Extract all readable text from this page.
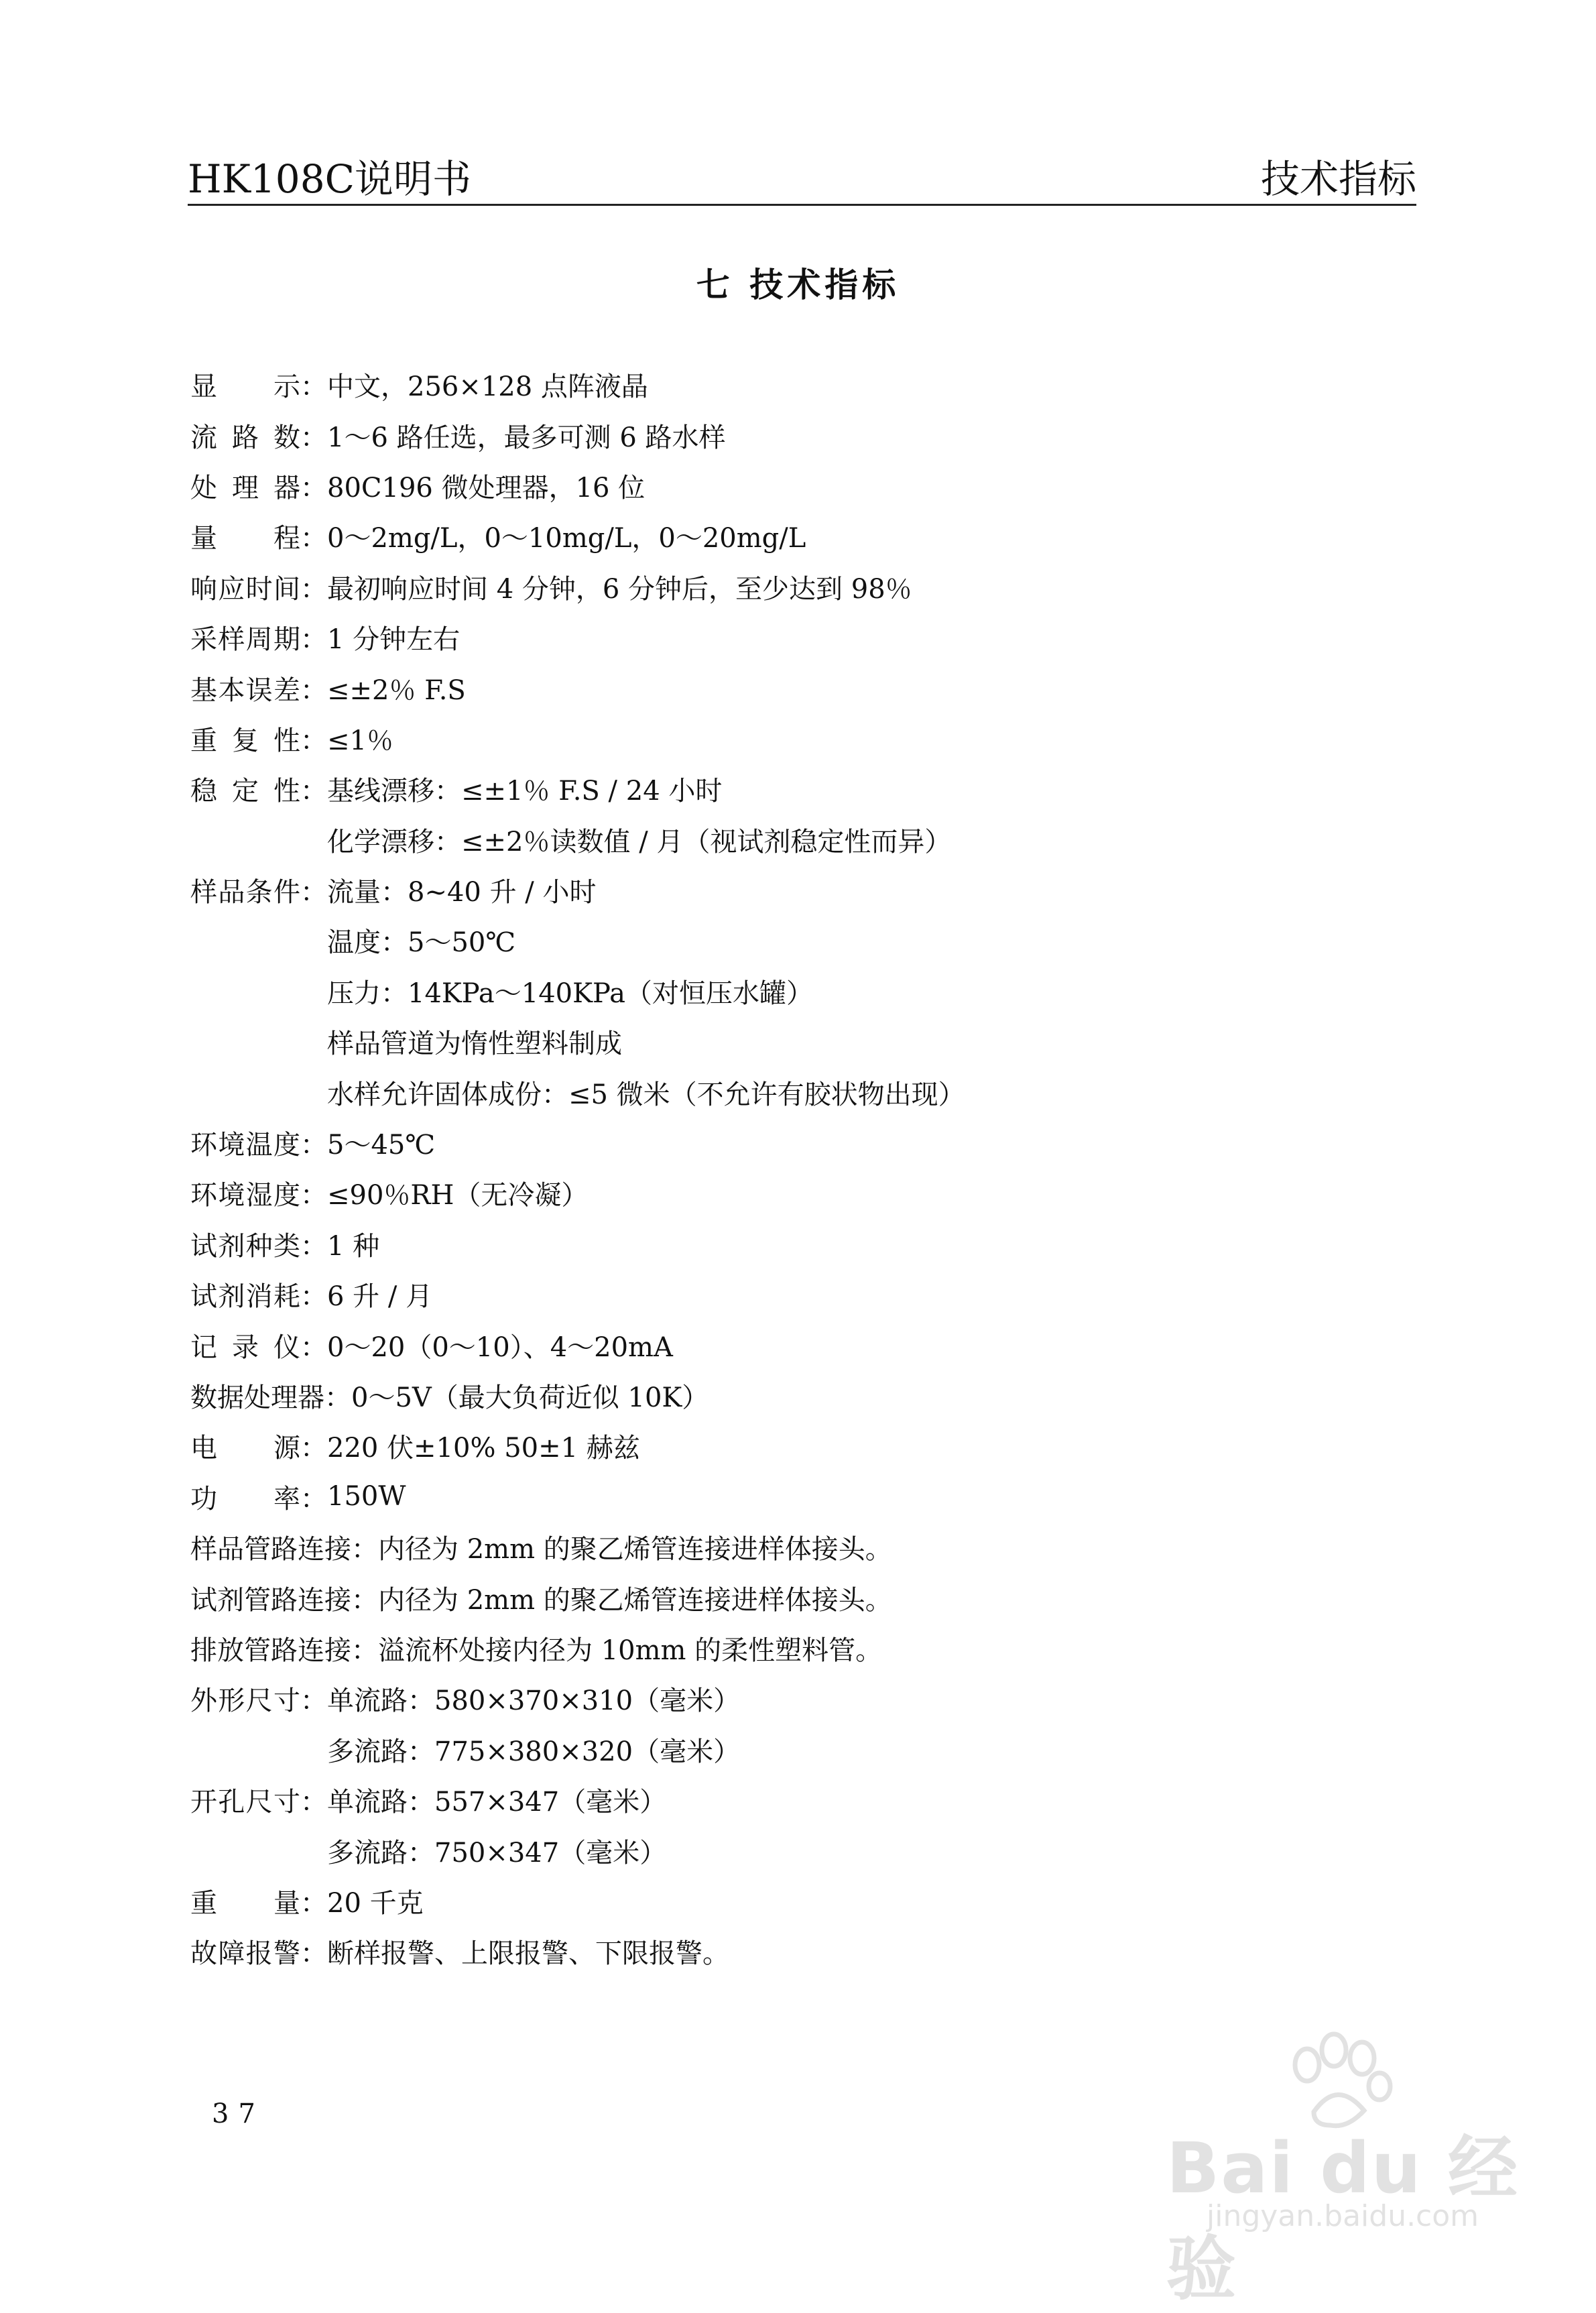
HK108C说明书	技术指标
七 技术指标
显 示 ： 中文，256×128 点阵液晶
流 路 数 ： 1～6 路任选，最多可测 6 路水样
处 理 器 ： 80C196 微处理器，16 位
量 程 ： 0～2mg/L，0～10mg/L，0～20mg/L
响 应 时 间 ： 最初响应时间 4 分钟，6 分钟后，至少达到 98％
采 样 周 期 ： 1 分钟左右
基 本 误 差 ： ≤±2％ F.S
重 复 性 ： ≤1％
稳 定 性 ： 基线漂移：≤±1％ F.S / 24 小时
化学漂移：≤±2％读数值 / 月（视试剂稳定性而异）
样 品 条 件 ： 流量：8~40 升 / 小时
温度：5～50℃
压力：14KPa～140KPa（对恒压水罐）
样品管道为惰性塑料制成
水样允许固体成份：≤5 微米（不允许有胶状物出现）
环 境 温 度 ： 5～45℃
环 境 湿 度 ： ≤90％RH（无冷凝）
试 剂 种 类 ： 1 种
试 剂 消 耗 ： 6 升 / 月
记 录 仪 ： 0～20（0～10）、4～20mA
数据处理器 ： 0～5V（最大负荷近似 10K）
电 源 ： 220 伏±10% 50±1 赫兹
功 率 ： 150W
样品管路连接 ： 内径为 2mm 的聚乙烯管连接进样体接头。
试剂管路连接 ： 内径为 2mm 的聚乙烯管连接进样体接头。
排放管路连接 ： 溢流杯处接内径为 10mm 的柔性塑料管。
外 形 尺 寸 ： 单流路：580×370×310（毫米）
多流路：775×380×320（毫米）
开 孔 尺 寸 ： 单流路：557×347（毫米）
多流路：750×347（毫米）
重 量 ： 20 千克
故 障 报 警 ： 断样报警、上限报警、下限报警。
37
Bai du 经验
jingyan.baidu.com
